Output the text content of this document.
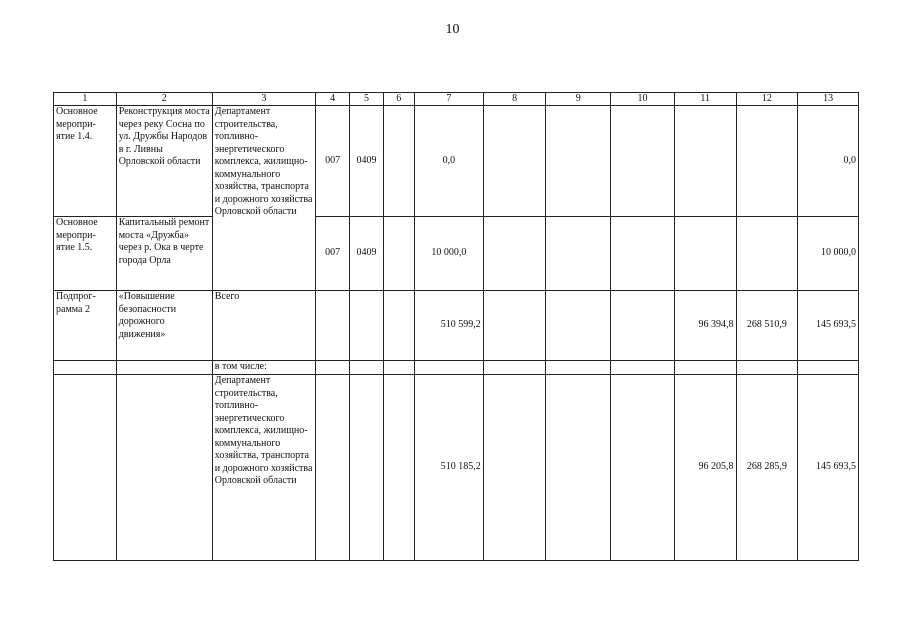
10
1	2	3	4	5	6	7	8	9	10	11	12	13
Основное меропри-ятие 1.4.	Реконструкция моста через реку Сосна по ул. Дружбы Народов в г. Ливны Орловской области	Департамент строительства, топливно-энергетического комплекса, жилищно-коммунального хозяйства, транспорта и дорожного хозяйства Орловской области	007	0409		0,0						0,0
Основное меропри-ятие 1.5.	Капитальный ремонт моста «Дружба» через р. Ока в черте города Орла		007	0409		10 000,0						10 000,0
Подпрог-рамма 2	«Повышение безопасности дорожного движения»	Всего				510 599,2				96 394,8	268 510,9	145 693,5
		в том числе:										
		Департамент строительства, топливно-энергетического комплекса, жилищно-коммунального хозяйства, транспорта и дорожного хозяйства Орловской области				510 185,2				96 205,8	268 285,9	145 693,5
